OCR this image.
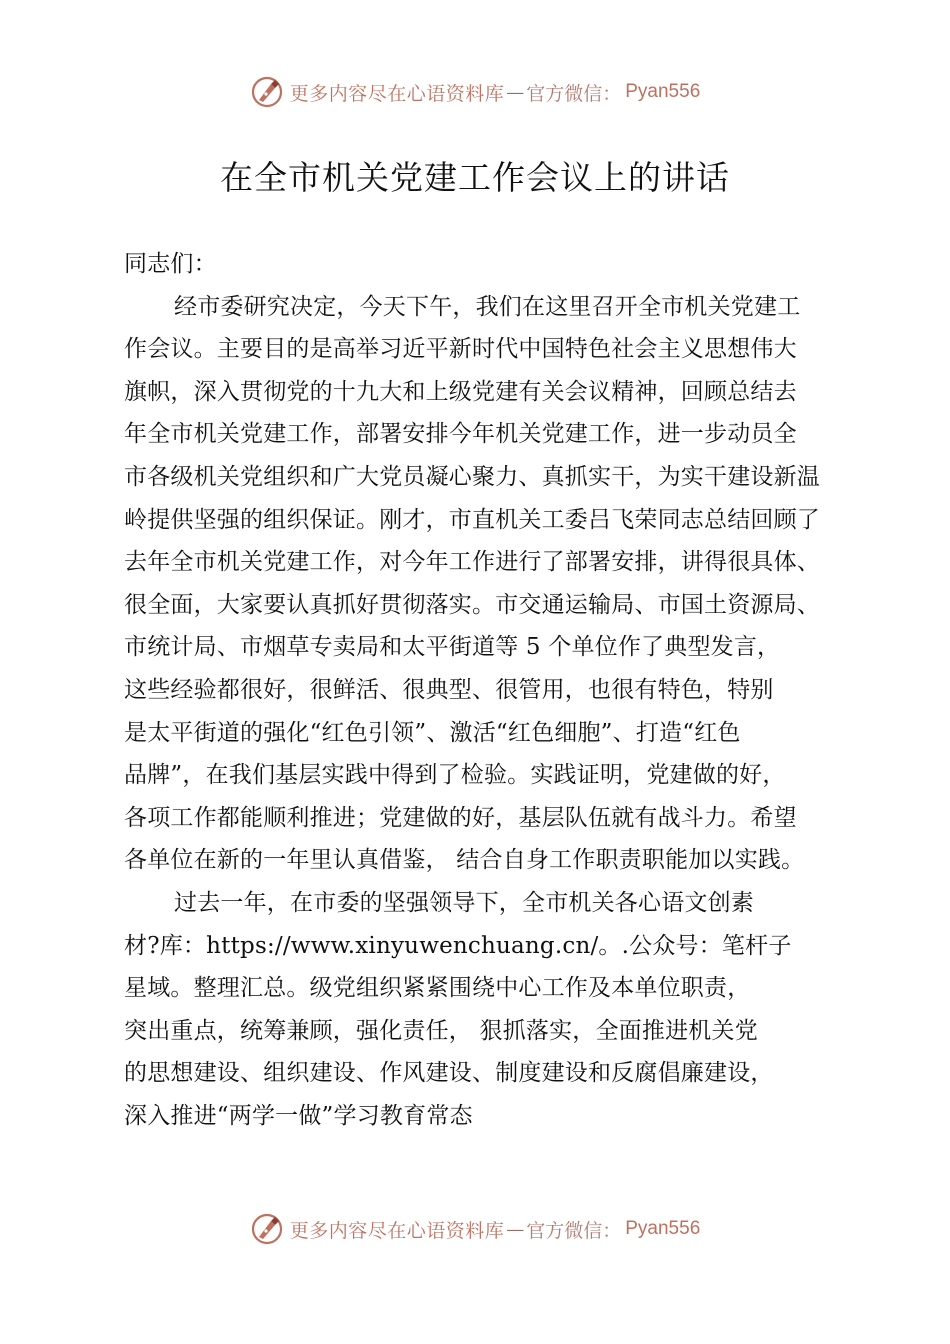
更多内容尽在心语资料库 — 官方微信： Pyan556
在全市机关党建工作会议上的讲话

同志们：

经市委研究决定，今天下午，我们在这里召开全市机关党建工
作会议。主要目的是高举习近平新时代中国特色社会主义思想伟大
旗帜，深入贯彻党的十九大和上级党建有关会议精神，回顾总结去
年全市机关党建工作，部署安排今年机关党建工作，进一步动员全
市各级机关党组织和广大党员凝心聚力、真抓实干，为实干建设新温
岭提供坚强的组织保证。刚才，市直机关工委吕飞荣同志总结回顾了
去年全市机关党建工作，对今年工作进行了部署安排，讲得很具体、
很全面，大家要认真抓好贯彻落实。市交通运输局、市国土资源局、
市统计局、市烟草专卖局和太平街道等 5 个单位作了典型发言，
这些经验都很好，很鲜活、很典型、很管用，也很有特色，特别
是太平街道的强化“红色引领”、激活“红色细胞”、打造“红色
品牌”，在我们基层实践中得到了检验。实践证明，党建做的好，
各项工作都能顺利推进；党建做的好，基层队伍就有战斗力。希望
各单位在新的一年里认真借鉴， 结合自身工作职责职能加以实践。

过去一年，在市委的坚强领导下，全市机关各心语文创素
材?库：https://www.xinyuwenchuang.cn/。.公众号：笔杆子
星域。整理汇总。级党组织紧紧围绕中心工作及本单位职责，
突出重点，统筹兼顾，强化责任， 狠抓落实，全面推进机关党
的思想建设、组织建设、作风建设、制度建设和反腐倡廉建设，
深入推进“两学一做”学习教育常态

更多内容尽在心语资料库 — 官方微信： Pyan556
